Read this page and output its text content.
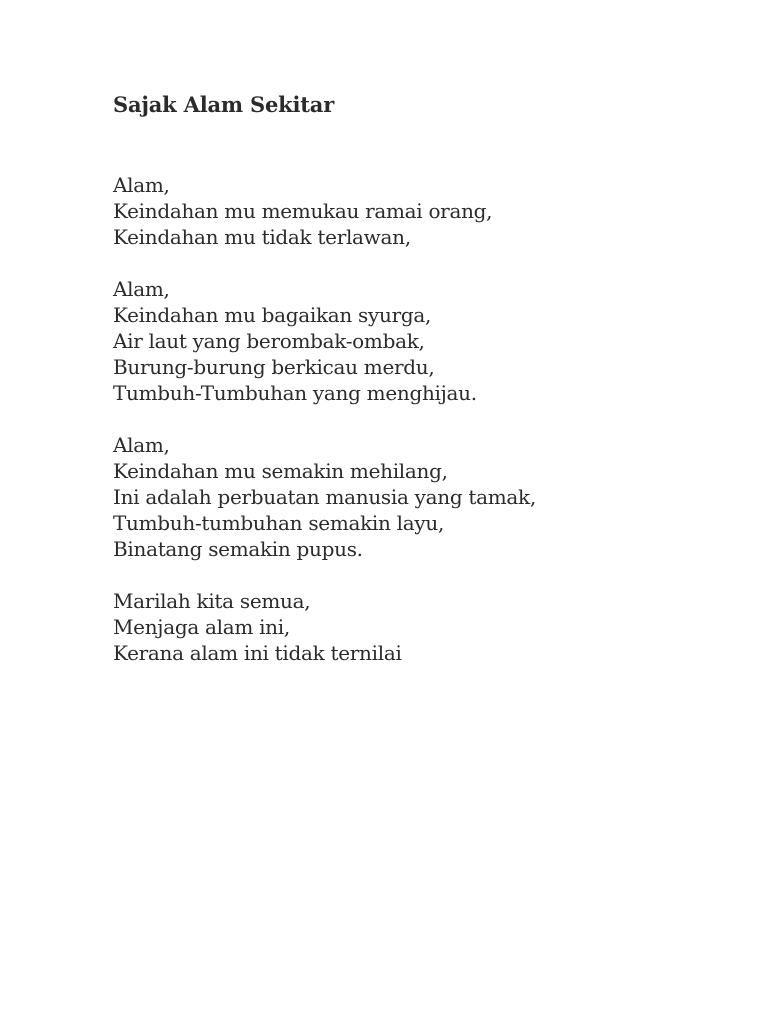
Sajak Alam Sekitar
Alam,
Keindahan mu memukau ramai orang,
Keindahan mu tidak terlawan,
Alam,
Keindahan mu bagaikan syurga,
Air laut yang berombak-ombak,
Burung-burung berkicau merdu,
Tumbuh-Tumbuhan yang menghijau.
Alam,
Keindahan mu semakin mehilang,
Ini adalah perbuatan manusia yang tamak,
Tumbuh-tumbuhan semakin layu,
Binatang semakin pupus.
Marilah kita semua,
Menjaga alam ini,
Kerana alam ini tidak ternilai
